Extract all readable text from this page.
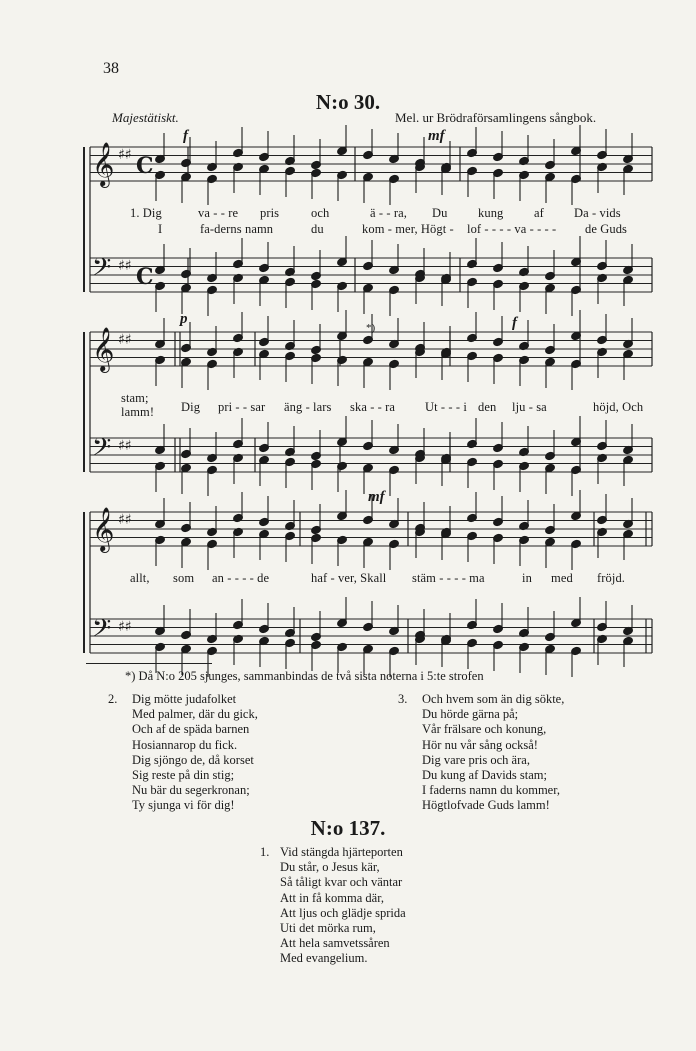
38
N:o 30.
Majestätiskt.	Mel. ur Brödraförsamlingens sångbok.
f	mf
p
*)	f
mf
𝄞 ♯♯ C
𝄢 ♯♯ C
𝄞 ♯♯
𝄢 ♯♯
𝄞 ♯♯
𝄢 ♯♯
1. Dig	va - - re pris	och	ä - - ra, Du kung af Da - vids
I	fa-derns namn	du	kom - mer, Högt - lof - - - - va - - - - de Guds
stam;
lamm! Dig pri - - sar äng - lars ska - - ra Ut - - - i den lju - sa	höjd, Och
allt, som an - - - - de	haf - ver, Skall stäm - - - - ma	in med fröjd.
*) Då N:o 205 sjunges, sammanbindas de två sista noterna i 5:te strofen
2. Dig mötte judafolket
Med palmer, där du gick,
Och af de späda barnen
Hosiannarop du fick.
Dig sjöngo de, då korset
Sig reste på din stig;
Nu bär du segerkronan;
Ty sjunga vi för dig!
3. Och hvem som än dig sökte,
Du hörde gärna på;
Vår frälsare och konung,
Hör nu vår sång också!
Dig vare pris och ära,
Du kung af Davids stam;
I faderns namn du kommer,
Högtlofvade Guds lamm!
N:o 137.
1. Vid stängda hjärteporten
Du står, o Jesus kär,
Så tåligt kvar och väntar
Att in få komma där,
Att ljus och glädje sprida
Uti det mörka rum,
Att hela samvetssåren
Med evangelium.
